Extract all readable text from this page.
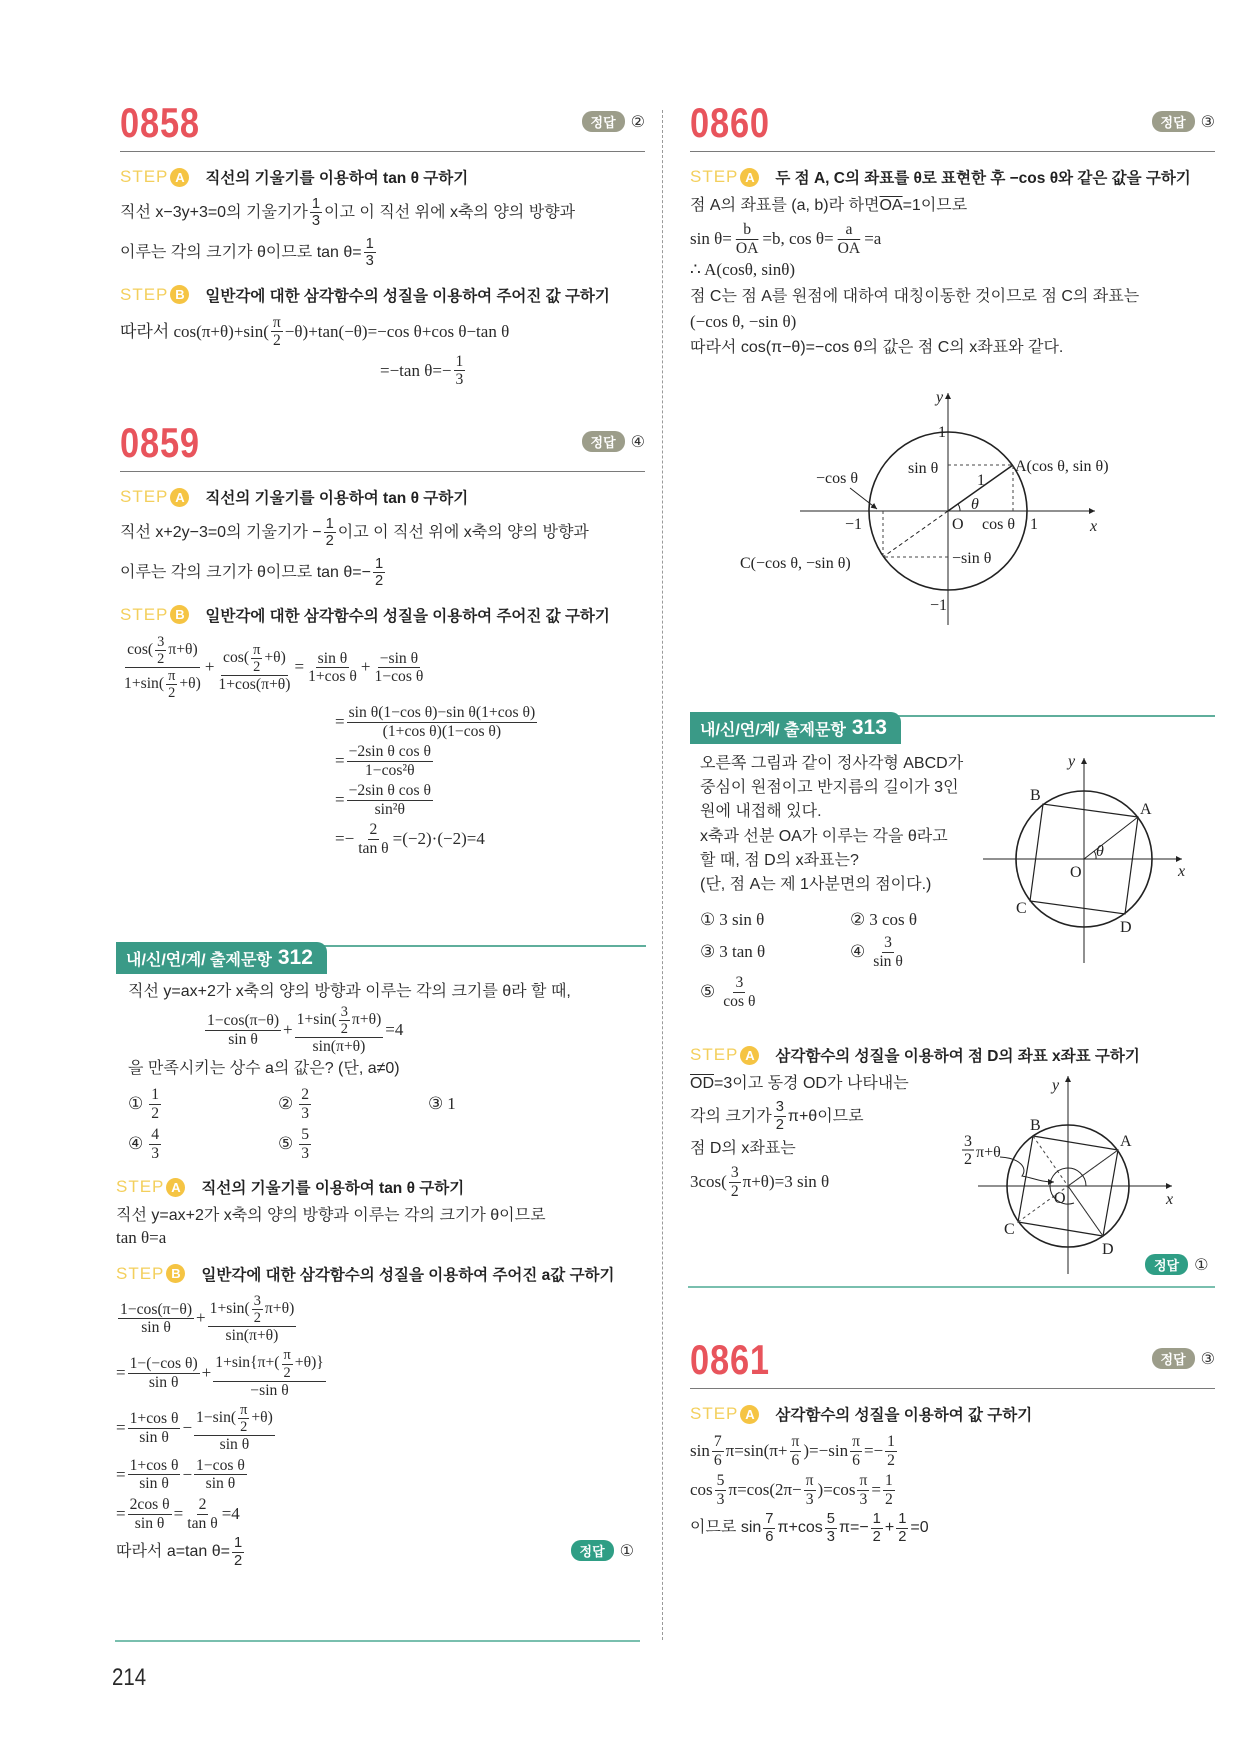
0858	정답 ②
STEP A	직선의 기울기를 이용하여 tan θ 구하기
직선 x−3y+3=0의 기울기가 $\frac{1}{3}$ 이고 이 직선 위에 x축의 양의 방향과
이루는 각의 크기가 θ이므로 $\tan \theta= \frac{1}{3}$
STEP B	일반각에 대한 삼각함수의 성질을 이용하여 주어진 값 구하기
따라서 $\cos(\pi+\theta)+\sin( \frac{\pi}{2} -\theta)+\tan(-\theta)=-\cos$ θ+cos θ−tan θ
=−tan $\theta=- \frac{1}{3}$
0859	정답 ④
STEP A	직선의 기울기를 이용하여 tan θ 구하기
직선 x+2y−3=0의 기울기가 − $\frac{1}{2}$ 이고 이 직선 위에 x축의 양의 방향과
이루는 각의 크기가 θ이므로 $\tan \theta=- \frac{1}{2}$
STEP B	일반각에 대한 삼각함수의 성질을 이용하여 주어진 값 구하기
$\frac{\cos( \frac{3}{2} \pi+\theta)}{1+\sin( \frac{\pi}{2} +\theta)} + \frac{\cos( \frac{\pi}{2} +\theta)}{1+\cos(\pi+\theta)} = \frac{\text{sin θ}}{\text{1+cos θ}} + \frac{\text{−sin θ}}{\text{1−cos θ}}$
= $\frac{\text{sin θ(1−cos θ)−sin θ(1+cos θ)}}{\text{(1+cos θ)(1−cos θ)}}$
= $\frac{\text{−2sin θ cos θ}}{\text{1−cos²θ}}$
= $\frac{\text{−2sin θ cos θ}}{\text{sin²θ}}$
=− $\frac{2}{\text{tan θ}} =(-2)\cdot(-2)=4$
내/신/연/계/ 출제문항 312
직선 y=ax+2가 x축의 양의 방향과 이루는 각의 크기를 θ라 할 때,
$\frac{1-\cos(\pi-\theta)}{\text{sin θ}} + \frac{1+\sin( \frac{3}{2} \pi+\theta)}{\sin(\pi+\theta)} =4$
을 만족시키는 상수 a의 값은? (단, a≠0)
① $\frac{1}{2}$	② $\frac{2}{3}$	③ 1
④ $\frac{4}{3}$	⑤ $\frac{5}{3}$
STEP A	직선의 기울기를 이용하여 tan θ 구하기
직선 y=ax+2가 x축의 양의 방향과 이루는 각의 크기가 θ이므로
tan θ=a
STEP B	일반각에 대한 삼각함수의 성질을 이용하여 주어진 a값 구하기
$\frac{1-\cos(\pi-\theta)}{\text{sin θ}} + \frac{1+\sin( \frac{3}{2} \pi+\theta)}{\sin(\pi+\theta)}$
= $\frac{\text{1−(−cos θ)}}{\text{sin θ}} + \frac{1+\sin\{\pi+( \frac{\pi}{2} +\theta)\}}{\text{−sin θ}}$
= $\frac{\text{1+cos θ}}{\text{sin θ}} - \frac{1-\sin( \frac{\pi}{2} +\theta)}{\text{sin θ}}$
= $\frac{\text{1+cos θ}}{\text{sin θ}} - \frac{\text{1−cos θ}}{\text{sin θ}}$
= $\frac{\text{2cos θ}}{\text{sin θ}} = \frac{2}{\text{tan θ}} =4$
따라서 a=tan $\theta= \frac{1}{2}$	정답 ①
0860	정답 ③
STEP A	두 점 A, C의 좌표를 θ로 표현한 후 −cos θ와 같은 값을 구하기
점 A의 좌표를 (a, b)라 하면 $\overline{OA} =1$이므로
$\sin \theta= \frac{b}{OA} =b$, $\cos \theta= \frac{a}{OA} =a$
∴ A(cosθ, sinθ)
점 C는 점 A를 원점에 대하여 대칭이동한 것이므로 점 C의 좌표는
(−cos θ, −sin θ)
따라서 cos(π−θ)=−cos θ의 값은 점 C의 x좌표와 같다.
y
x
1
−1
−1	1
O
θ
1
sin θ
cos θ
−cos θ
−sin θ
A(cos θ, sin θ)
C(−cos θ, −sin θ)
내/신/연/계/ 출제문항 313
오른쪽 그림과 같이 정사각형 ABCD가
중심이 원점이고 반지름의 길이가 3인
원에 내접해 있다.
x축과 선분 OA가 이루는 각을 θ라고
할 때, 점 D의 x좌표는?
(단, 점 A는 제 1사분면의 점이다.)
① 3 sin θ	② 3 cos θ
③ 3 tan θ	④ $\frac{3}{\text{sin θ}}$
⑤ $\frac{3}{\text{cos θ}}$
y
x
O
θ
A
B
C
D
STEP A	삼각함수의 성질을 이용하여 점 D의 좌표 x좌표 구하기
$\overline{OD} =3$이고 동경 OD가 나타내는
각의 크기가 $\frac{3}{2} \pi+\theta$이므로
점 D의 x좌표는
$3\cos( \frac{3}{2} \pi+\theta)=3$ sin θ
y
x
O
A
B
C
D
3
2 π+θ
정답 ①
0861	정답 ③
STEP A	삼각함수의 성질을 이용하여 값 구하기
$\sin \frac{7}{6} \pi=\sin(\pi+ \frac{\pi}{6} )=-\sin \frac{\pi}{6} =- \frac{1}{2}$
$\cos \frac{5}{3} \pi=\cos(2\pi- \frac{\pi}{3} )=\cos \frac{\pi}{3} = \frac{1}{2}$
이므로 $\sin \frac{7}{6} \pi+\cos \frac{5}{3} \pi=- \frac{1}{2} + \frac{1}{2} =0$
214
